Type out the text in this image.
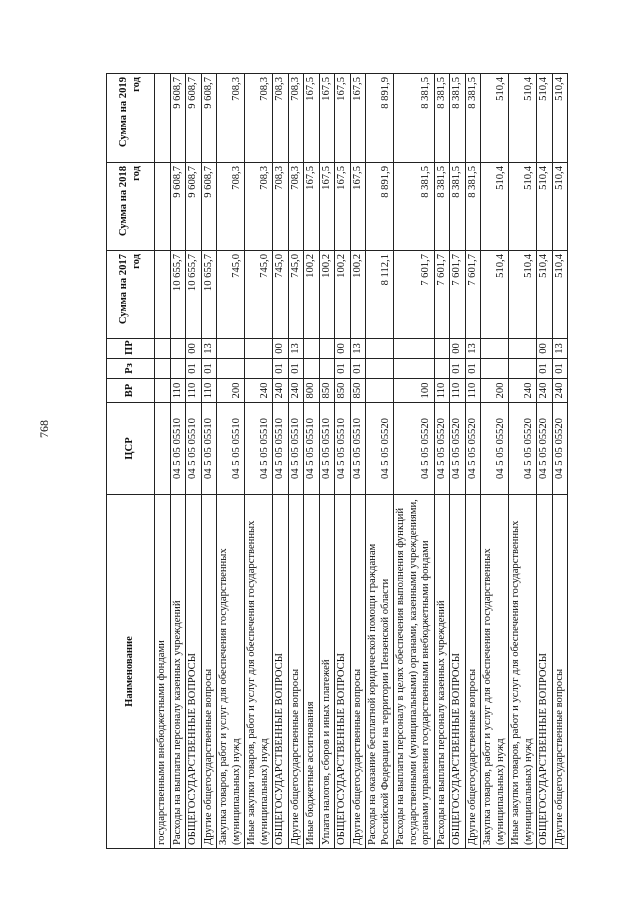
768
Наименование	ЦСР	ВР	Рз	ПР	Сумма на 2017 год	Сумма на 2018 год	Сумма на 2019 год
государственными внебюджетными фондами							
Расходы на выплаты персоналу казенных учреждений	04 5 05 05510	110			10 655,7	9 608,7	9 608,7
ОБЩЕГОСУДАРСТВЕННЫЕ ВОПРОСЫ	04 5 05 05510	110	01	00	10 655,7	9 608,7	9 608,7
Другие общегосударственные вопросы	04 5 05 05510	110	01	13	10 655,7	9 608,7	9 608,7
Закупка товаров, работ и услуг для обеспечения государственных (муниципальных) нужд	04 5 05 05510	200			745,0	708,3	708,3
Иные закупки товаров, работ и услуг для обеспечения государственных (муниципальных) нужд	04 5 05 05510	240			745,0	708,3	708,3
ОБЩЕГОСУДАРСТВЕННЫЕ ВОПРОСЫ	04 5 05 05510	240	01	00	745,0	708,3	708,3
Другие общегосударственные вопросы	04 5 05 05510	240	01	13	745,0	708,3	708,3
Иные бюджетные ассигнования	04 5 05 05510	800			100,2	167,5	167,5
Уплата налогов, сборов и иных платежей	04 5 05 05510	850			100,2	167,5	167,5
ОБЩЕГОСУДАРСТВЕННЫЕ ВОПРОСЫ	04 5 05 05510	850	01	00	100,2	167,5	167,5
Другие общегосударственные вопросы	04 5 05 05510	850	01	13	100,2	167,5	167,5
Расходы на оказание бесплатной юридической помощи гражданам Российской Федерации на территории Пензенской области	04 5 05 05520				8 112,1	8 891,9	8 891,9
Расходы на выплаты персоналу в целях обеспечения выполнения функций государственными (муниципальными) органами, казенными учреждениями, органами управления государственными внебюджетными фондами	04 5 05 05520	100			7 601,7	8 381,5	8 381,5
Расходы на выплаты персоналу казенных учреждений	04 5 05 05520	110			7 601,7	8 381,5	8 381,5
ОБЩЕГОСУДАРСТВЕННЫЕ ВОПРОСЫ	04 5 05 05520	110	01	00	7 601,7	8 381,5	8 381,5
Другие общегосударственные вопросы	04 5 05 05520	110	01	13	7 601,7	8 381,5	8 381,5
Закупка товаров, работ и услуг для обеспечения государственных (муниципальных) нужд	04 5 05 05520	200			510,4	510,4	510,4
Иные закупки товаров, работ и услуг для обеспечения государственных (муниципальных) нужд	04 5 05 05520	240			510,4	510,4	510,4
ОБЩЕГОСУДАРСТВЕННЫЕ ВОПРОСЫ	04 5 05 05520	240	01	00	510,4	510,4	510,4
Другие общегосударственные вопросы	04 5 05 05520	240	01	13	510,4	510,4	510,4
